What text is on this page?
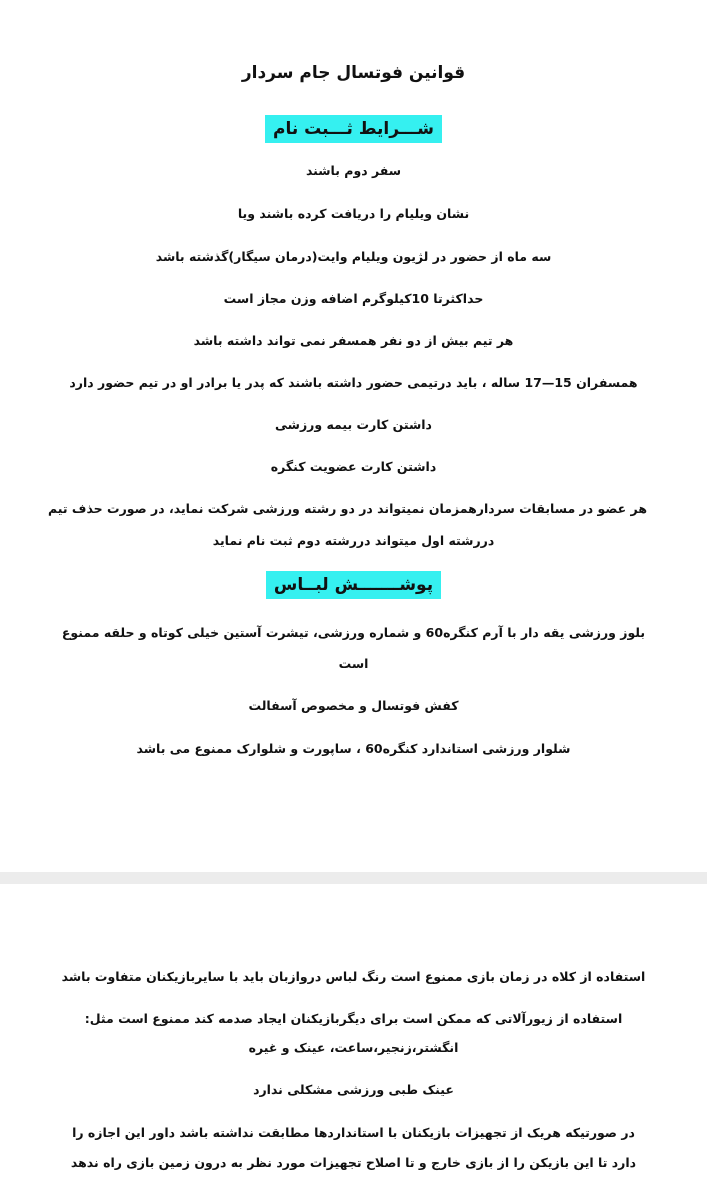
قوانین فوتسال جام سردار
شـــرایط ثـــبت نام
سفر دوم باشند
نشان ویلیام را دریافت کرده باشند ویا
سه ماه از حضور در لژیون ویلیام وایت(درمان سیگار)گذشته باشد
حداکثرتا 10کیلوگرم اضافه وزن مجاز است
هر تیم بیش از دو نفر همسفر نمی تواند داشته باشد
همسفران 15—17 ساله ، باید درتیمی حضور داشته باشند که پدر یا برادر او در تیم حضور دارد
داشتن کارت بیمه ورزشی
داشتن کارت عضویت کنگره
هر عضو در مسابقات سردارهمزمان نمیتواند در دو رشته ورزشی شرکت نماید، در صورت حذف تیم
دررشته اول میتواند دررشته دوم ثبت نام نماید
پوشـــــــش لبــاس
بلوز ورزشی یقه دار با آرم کنگره60 و شماره ورزشی، تیشرت آستین خیلی کوتاه و حلقه ممنوع
است
کفش فوتسال و مخصوص آسفالت
شلوار ورزشی استاندارد کنگره60 ، ساپورت و شلوارک ممنوع می باشد
استفاده از کلاه در زمان بازی ممنوع است رنگ لباس دروازبان باید با سایربازیکنان متفاوت باشد
استفاده از زیورآلاتی که ممکن است برای دیگربازیکنان ایجاد صدمه کند ممنوع است مثل:
انگشتر،زنجیر،ساعت، عینک و غیره
عینک طبی ورزشی مشکلی ندارد
در صورتیکه هریک از تجهیزات بازیکنان با استانداردها مطابقت نداشته باشد داور این اجازه را
دارد تا این بازیکن را از بازی خارج و تا اصلاح تجهیزات مورد نظر به درون زمین بازی راه ندهد
